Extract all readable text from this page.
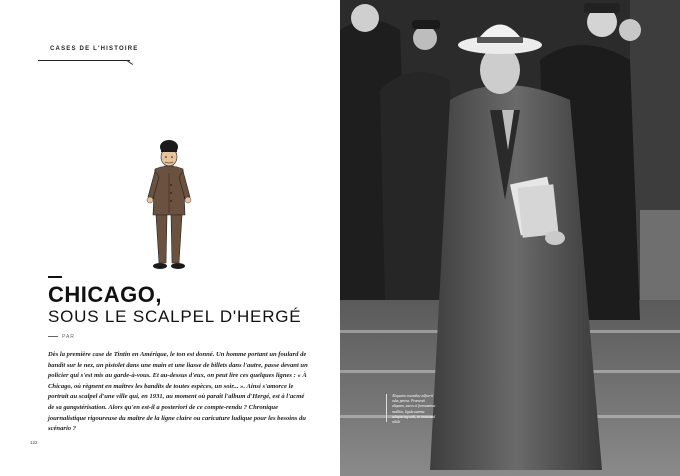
CASES DE L'HISTOIRE
CHICAGO,
SOUS LE SCALPEL D'HERGÉ
PAR

Dès la première case de Tintin en Amérique, le ton est donné. Un homme portant un foulard de bandit sur le nez, un pistolet dans une main et une liasse de billets dans l'autre, passe devant un policier qui s'est mis au garde-à-vous. Et au-dessus d'eux, on peut lire ces quelques lignes : « À Chicago, où règnent en maîtres les bandits de toutes espèces, un soir... ». Ainsi s'amorce le portrait au scalpel d'une ville qui, en 1931, au moment où paraît l'album d'Hergé, est à l'acmé de sa gangstérisation. Alors qu'en est-il a posteriori de ce compte-rendu ? Chronique journalistique rigoureuse du maître de la ligne claire ou caricature ludique pour les besoins du scénario ?

122
Aliquatos essendiae adfuerit odus paresa. Praesenti aliquam, saevo et formaminae mollitia, ligula summa adispiscing sedi, ne nunsanad nihile
